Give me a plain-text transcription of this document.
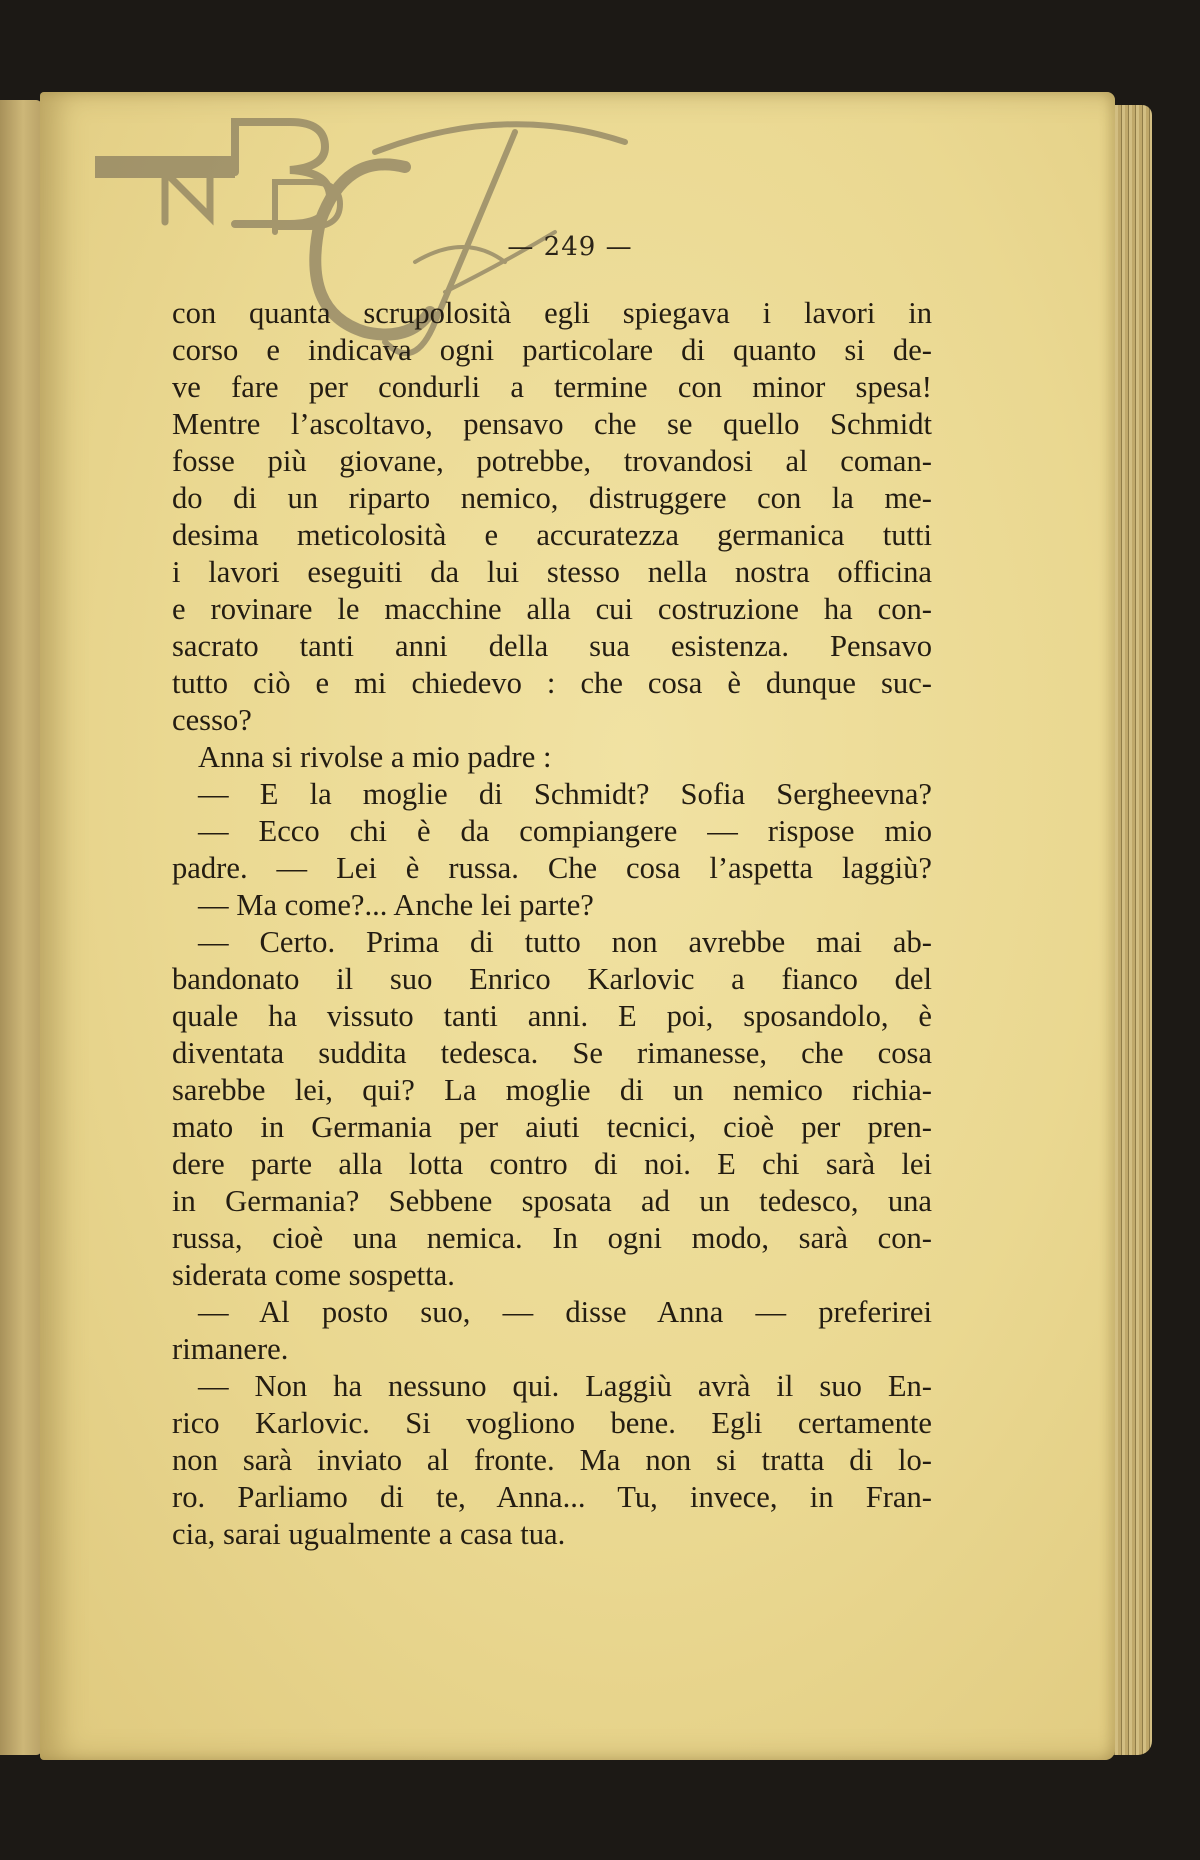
— 249 —
con quanta scrupolosità egli spiegava i lavori in
corso e indicava ogni particolare di quanto si de-
ve fare per condurli a termine con minor spesa!
Mentre l’ascoltavo, pensavo che se quello Schmidt
fosse più giovane, potrebbe, trovandosi al coman-
do di un riparto nemico, distruggere con la me-
desima meticolosità e accuratezza germanica tutti
i lavori eseguiti da lui stesso nella nostra officina
e rovinare le macchine alla cui costruzione ha con-
sacrato tanti anni della sua esistenza. Pensavo
tutto ciò e mi chiedevo : che cosa è dunque suc-
cesso?
Anna si rivolse a mio padre :
— E la moglie di Schmidt? Sofia Sergheevna?
— Ecco chi è da compiangere — rispose mio
padre. — Lei è russa. Che cosa l’aspetta laggiù?
— Ma come?... Anche lei parte?
— Certo. Prima di tutto non avrebbe mai ab-
bandonato il suo Enrico Karlovic a fianco del
quale ha vissuto tanti anni. E poi, sposandolo, è
diventata suddita tedesca. Se rimanesse, che cosa
sarebbe lei, qui? La moglie di un nemico richia-
mato in Germania per aiuti tecnici, cioè per pren-
dere parte alla lotta contro di noi. E chi sarà lei
in Germania? Sebbene sposata ad un tedesco, una
russa, cioè una nemica. In ogni modo, sarà con-
siderata come sospetta.
— Al posto suo, — disse Anna — preferirei
rimanere.
— Non ha nessuno qui. Laggiù avrà il suo En-
rico Karlovic. Si vogliono bene. Egli certamente
non sarà inviato al fronte. Ma non si tratta di lo-
ro. Parliamo di te, Anna... Tu, invece, in Fran-
cia, sarai ugualmente a casa tua.
